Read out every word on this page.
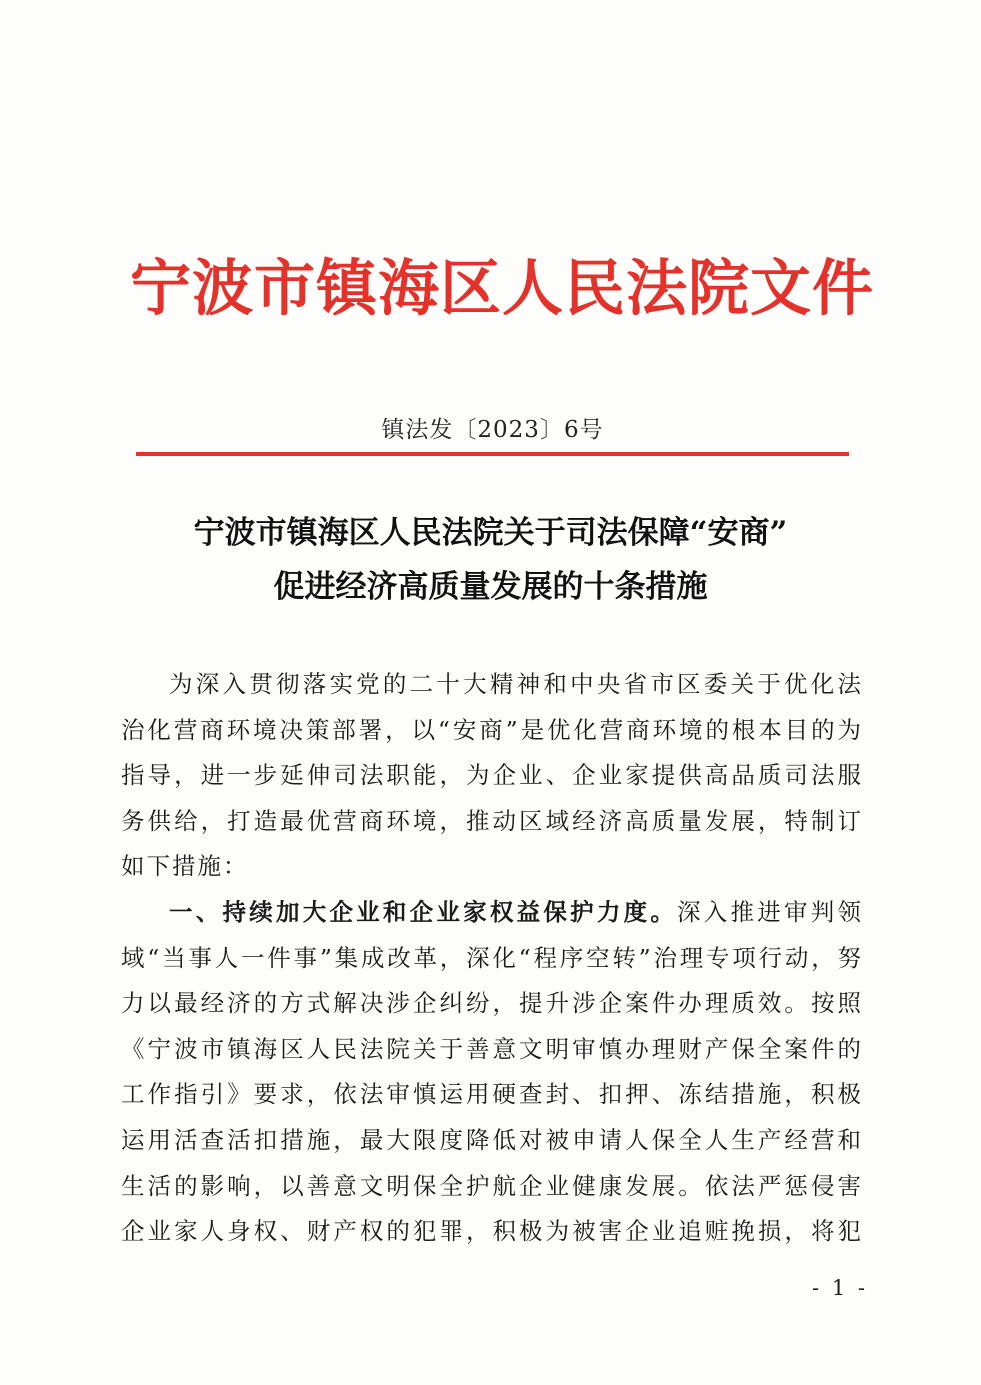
宁波市镇海区人民法院文件
镇法发〔2023〕6号
宁波市镇海区人民法院关于司法保障“安商”
促进经济高质量发展的十条措施
为深入贯彻落实党的二十大精神和中央省市区委关于优化法
治化营商环境决策部署，以“安商”是优化营商环境的根本目的为
指导，进一步延伸司法职能，为企业、企业家提供高品质司法服
务供给，打造最优营商环境，推动区域经济高质量发展，特制订
如下措施：
一、持续加大企业和企业家权益保护力度。深入推进审判领
域“当事人一件事”集成改革，深化“程序空转”治理专项行动，努
力以最经济的方式解决涉企纠纷，提升涉企案件办理质效。按照
《宁波市镇海区人民法院关于善意文明审慎办理财产保全案件的
工作指引》要求，依法审慎运用硬查封、扣押、冻结措施，积极
运用活查活扣措施，最大限度降低对被申请人保全人生产经营和
生活的影响，以善意文明保全护航企业健康发展。依法严惩侵害
企业家人身权、财产权的犯罪，积极为被害企业追赃挽损，将犯
- 1 -
